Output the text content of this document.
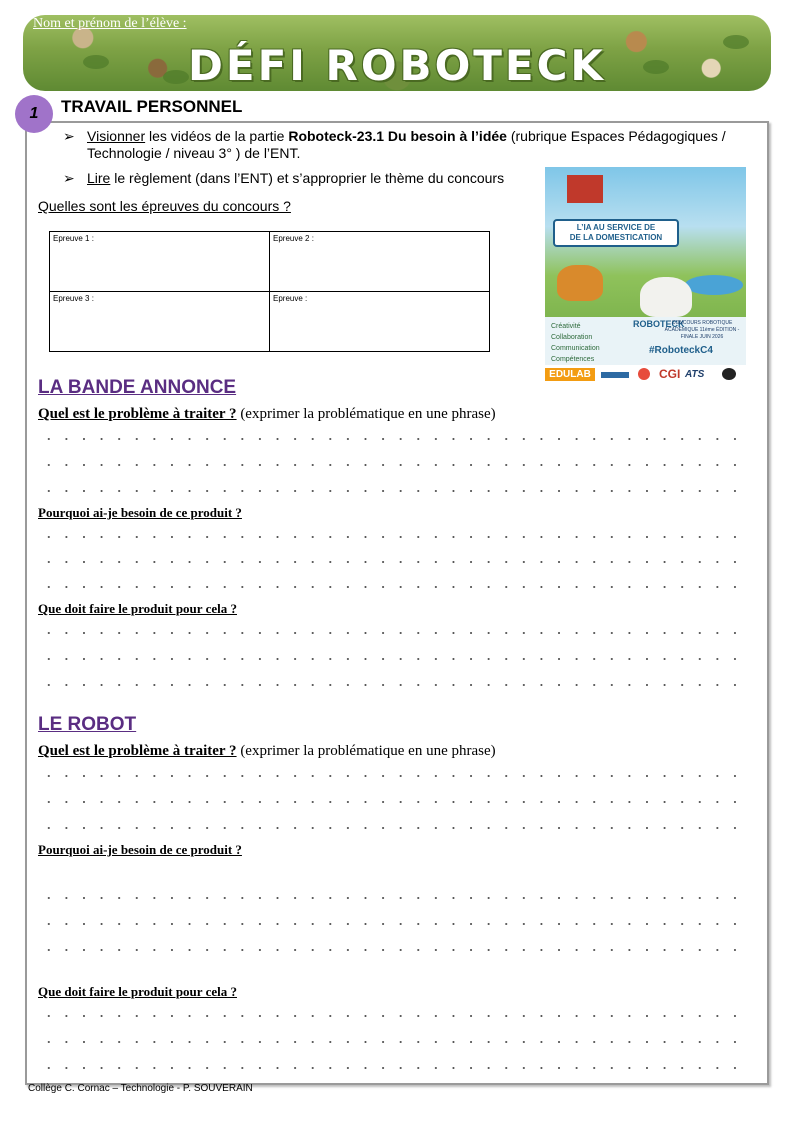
Nom et prénom de l’élève :
DÉFI ROBOTECK
1	TRAVAIL PERSONNEL
➢ Visionner les vidéos de la partie Roboteck-23.1 Du besoin à l’idée (rubrique Espaces Pédagogiques /
Technologie / niveau 3° ) de l’ENT.
➢ Lire le règlement (dans l’ENT) et s’approprier le thème du concours
Quelles sont les épreuves du concours ?
Epreuve 1 :	Epreuve 2 :
Epreuve 3 :	Epreuve :
L’IA AU SERVICE DE
DE LA DOMESTICATION
Créativité
Collaboration
Communication
Compétences
ROBOTECK
CONCOURS ROBOTIQUE ACADÉMIQUE 11ème ÉDITION - FINALE JUIN 2026
#RoboteckC4
EDULAB	CGI ATS
LA BANDE ANNONCE
Quel est le problème à traiter ? (exprimer la problématique en une phrase)
Pourquoi ai-je besoin de ce produit ?
Que doit faire le produit pour cela ?
LE ROBOT
Quel est le problème à traiter ? (exprimer la problématique en une phrase)
Pourquoi ai-je besoin de ce produit ?
Que doit faire le produit pour cela ?
Collège C. Cornac – Technologie - P. SOUVERAIN
